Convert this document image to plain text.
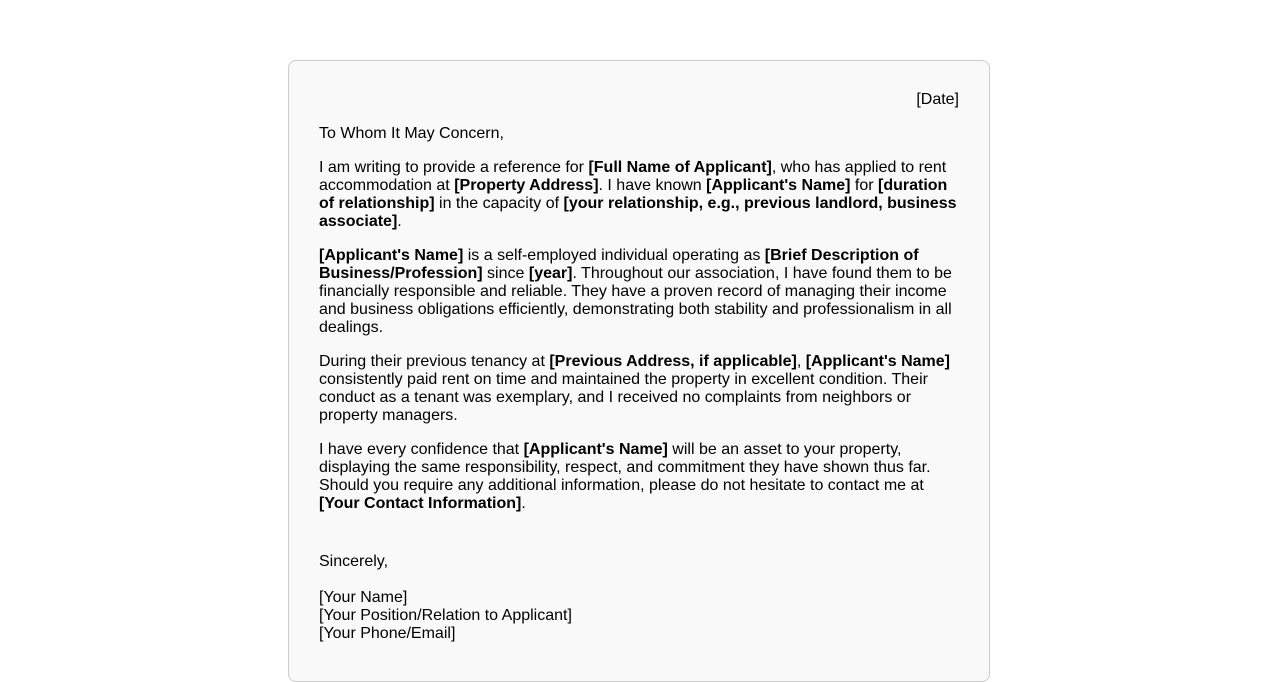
[Date]

To Whom It May Concern,

I am writing to provide a reference for [Full Name of Applicant], who has applied to rent accommodation at [Property Address]. I have known [Applicant's Name] for [duration of relationship] in the capacity of [your relationship, e.g., previous landlord, business associate].

[Applicant's Name] is a self-employed individual operating as [Brief Description of Business/Profession] since [year]. Throughout our association, I have found them to be financially responsible and reliable. They have a proven record of managing their income and business obligations efficiently, demonstrating both stability and professionalism in all dealings.

During their previous tenancy at [Previous Address, if applicable], [Applicant's Name] consistently paid rent on time and maintained the property in excellent condition. Their conduct as a tenant was exemplary, and I received no complaints from neighbors or property managers.

I have every confidence that [Applicant's Name] will be an asset to your property, displaying the same responsibility, respect, and commitment they have shown thus far. Should you require any additional information, please do not hesitate to contact me at [Your Contact Information].

Sincerely,

[Your Name]
[Your Position/Relation to Applicant]
[Your Phone/Email]
